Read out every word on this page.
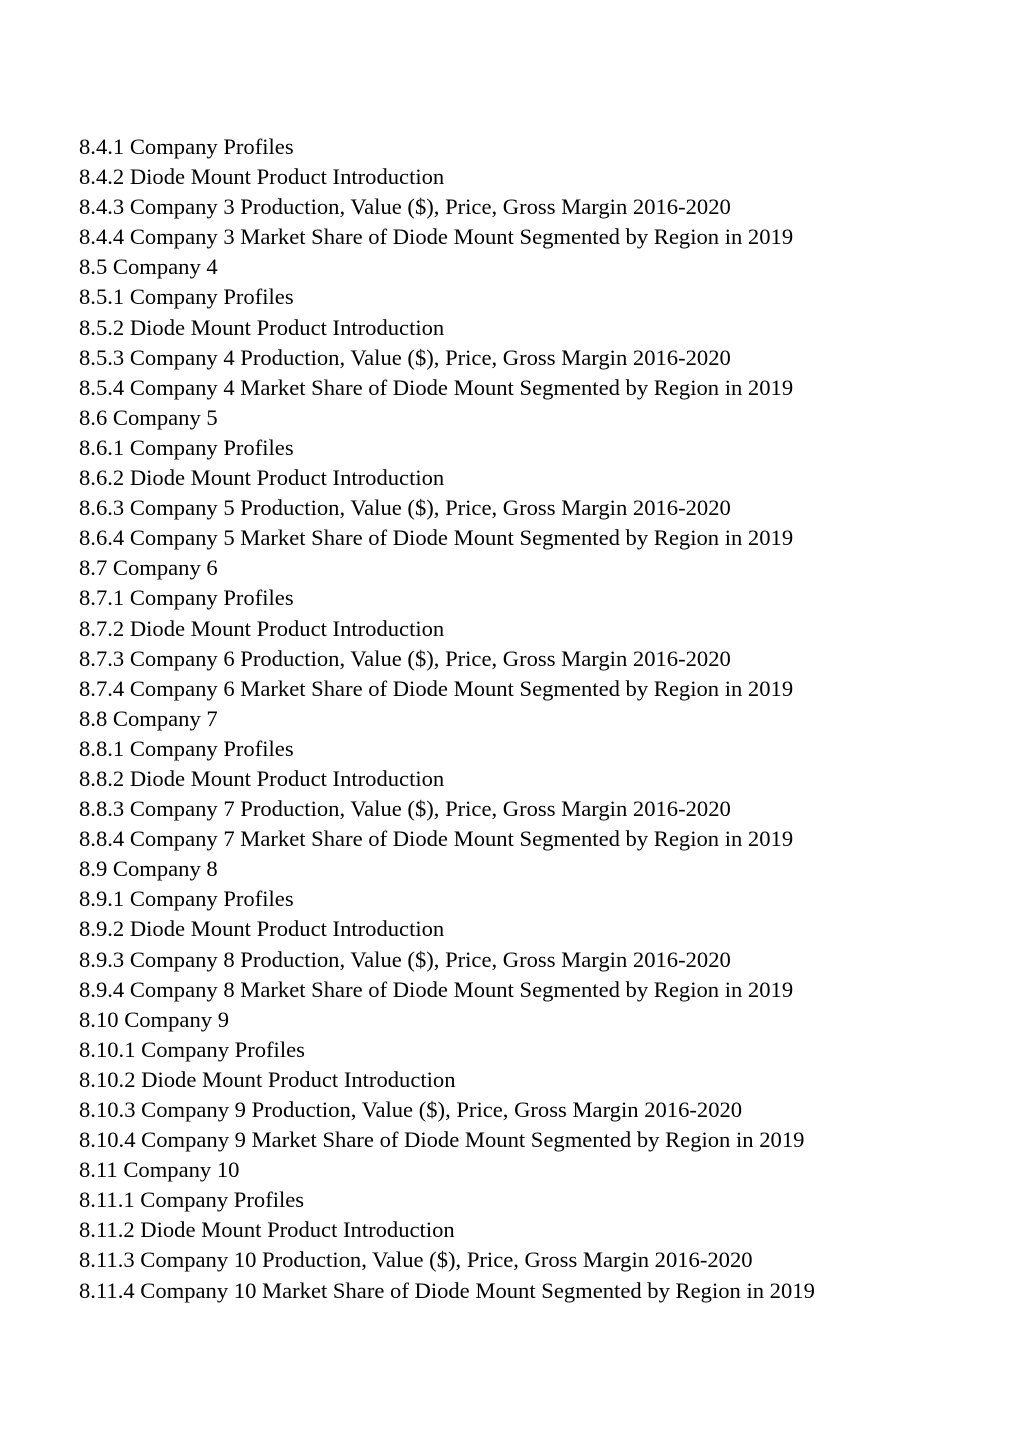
8.4.1 Company Profiles
8.4.2 Diode Mount Product Introduction
8.4.3 Company 3 Production, Value ($), Price, Gross Margin 2016-2020
8.4.4 Company 3 Market Share of Diode Mount Segmented by Region in 2019
8.5 Company 4
8.5.1 Company Profiles
8.5.2 Diode Mount Product Introduction
8.5.3 Company 4 Production, Value ($), Price, Gross Margin 2016-2020
8.5.4 Company 4 Market Share of Diode Mount Segmented by Region in 2019
8.6 Company 5
8.6.1 Company Profiles
8.6.2 Diode Mount Product Introduction
8.6.3 Company 5 Production, Value ($), Price, Gross Margin 2016-2020
8.6.4 Company 5 Market Share of Diode Mount Segmented by Region in 2019
8.7 Company 6
8.7.1 Company Profiles
8.7.2 Diode Mount Product Introduction
8.7.3 Company 6 Production, Value ($), Price, Gross Margin 2016-2020
8.7.4 Company 6 Market Share of Diode Mount Segmented by Region in 2019
8.8 Company 7
8.8.1 Company Profiles
8.8.2 Diode Mount Product Introduction
8.8.3 Company 7 Production, Value ($), Price, Gross Margin 2016-2020
8.8.4 Company 7 Market Share of Diode Mount Segmented by Region in 2019
8.9 Company 8
8.9.1 Company Profiles
8.9.2 Diode Mount Product Introduction
8.9.3 Company 8 Production, Value ($), Price, Gross Margin 2016-2020
8.9.4 Company 8 Market Share of Diode Mount Segmented by Region in 2019
8.10 Company 9
8.10.1 Company Profiles
8.10.2 Diode Mount Product Introduction
8.10.3 Company 9 Production, Value ($), Price, Gross Margin 2016-2020
8.10.4 Company 9 Market Share of Diode Mount Segmented by Region in 2019
8.11 Company 10
8.11.1 Company Profiles
8.11.2 Diode Mount Product Introduction
8.11.3 Company 10 Production, Value ($), Price, Gross Margin 2016-2020
8.11.4 Company 10 Market Share of Diode Mount Segmented by Region in 2019
